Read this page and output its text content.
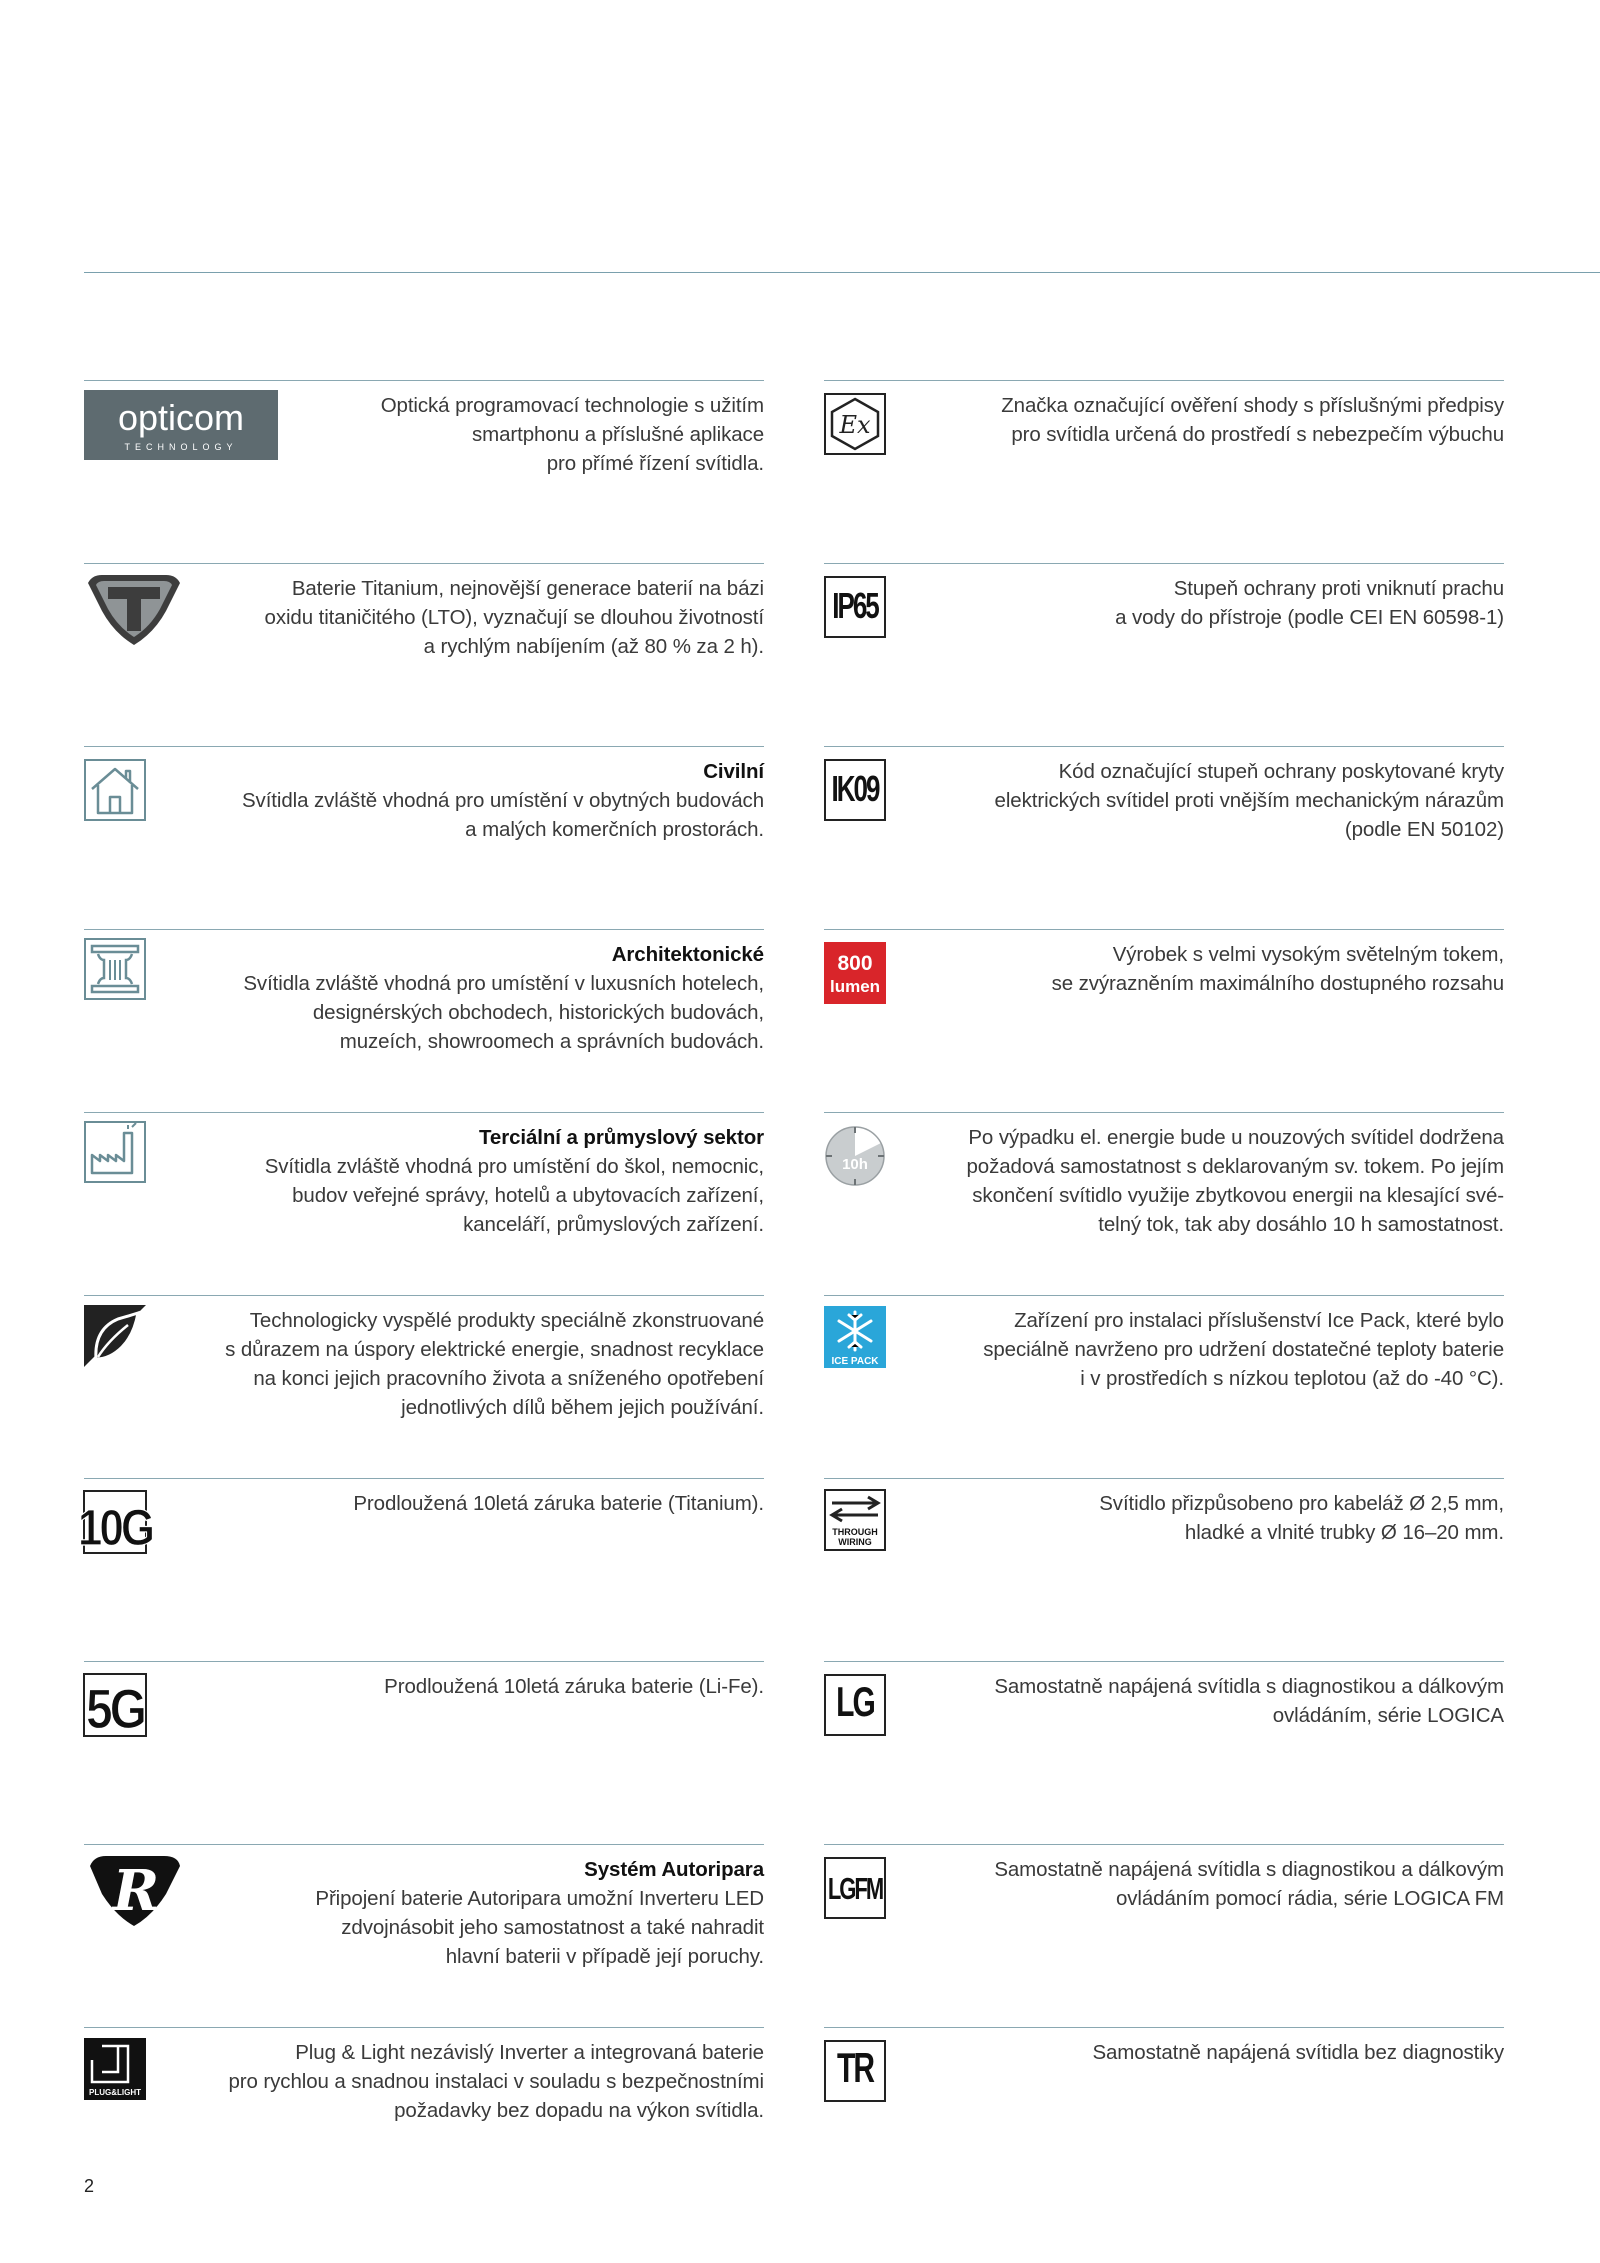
opticom
TECHNOLOGY
Optická programovací technologie s užitím
smartphonu a příslušné aplikace
pro přímé řízení svítidla.
Baterie Titanium, nejnovější generace baterií na bázi
oxidu titaničitého (LTO), vyznačují se dlouhou životností
a rychlým nabíjením (až 80 % za 2 h).
Civilní
Svítidla zvláště vhodná pro umístění v obytných budovách
a malých komerčních prostorách.
Architektonické
Svítidla zvláště vhodná pro umístění v luxusních hotelech,
designérských obchodech, historických budovách,
muzeích, showroomech a správních budovách.
Terciální a průmyslový sektor
Svítidla zvláště vhodná pro umístění do škol, nemocnic,
budov veřejné správy, hotelů a ubytovacích zařízení,
kanceláří, průmyslových zařízení.
Technologicky vyspělé produkty speciálně zkonstruované
s důrazem na úspory elektrické energie, snadnost recyklace
na konci jejich pracovního života a sníženého opotřebení
jednotlivých dílů během jejich používání.
10G	Prodloužená 10letá záruka baterie (Titanium).
5G	Prodloužená 10letá záruka baterie (Li-Fe).
R	Systém Autoripara
Připojení baterie Autoripara umožní Inverteru LED
zdvojnásobit jeho samostatnost a také nahradit
hlavní baterii v případě její poruchy.
PLUG&LIGHT
Plug & Light nezávislý Inverter a integrovaná baterie
pro rychlou a snadnou instalaci v souladu s bezpečnostními
požadavky bez dopadu na výkon svítidla.
Ex
Značka označující ověření shody s příslušnými předpisy
pro svítidla určená do prostředí s nebezpečím výbuchu
IP65	Stupeň ochrany proti vniknutí prachu
a vody do přístroje (podle CEI EN 60598-1)
IK09	Kód označující stupeň ochrany poskytované kryty
elektrických svítidel proti vnějším mechanickým nárazům
(podle EN 50102)
800
lumen
Výrobek s velmi vysokým světelným tokem,
se zvýrazněním maximálního dostupného rozsahu
10h
Po výpadku el. energie bude u nouzových svítidel dodržena
požadová samostatnost s deklarovaným sv. tokem. Po jejím
skončení svítidlo využije zbytkovou energii na klesající své-
telný tok, tak aby dosáhlo 10 h samostatnost.
ICE PACK
Zařízení pro instalaci příslušenství Ice Pack, které bylo
speciálně navrženo pro udržení dostatečné teploty baterie
i v prostředích s nízkou teplotou (až do -40 °C).
THROUGH
WIRING
Svítidlo přizpůsobeno pro kabeláž Ø 2,5 mm,
hladké a vlnité trubky Ø 16–20 mm.
LG	Samostatně napájená svítidla s diagnostikou a dálkovým
ovládáním, série LOGICA
LGFM
Samostatně napájená svítidla s diagnostikou a dálkovým
ovládáním pomocí rádia, série LOGICA FM
TR	Samostatně napájená svítidla bez diagnostiky
2
